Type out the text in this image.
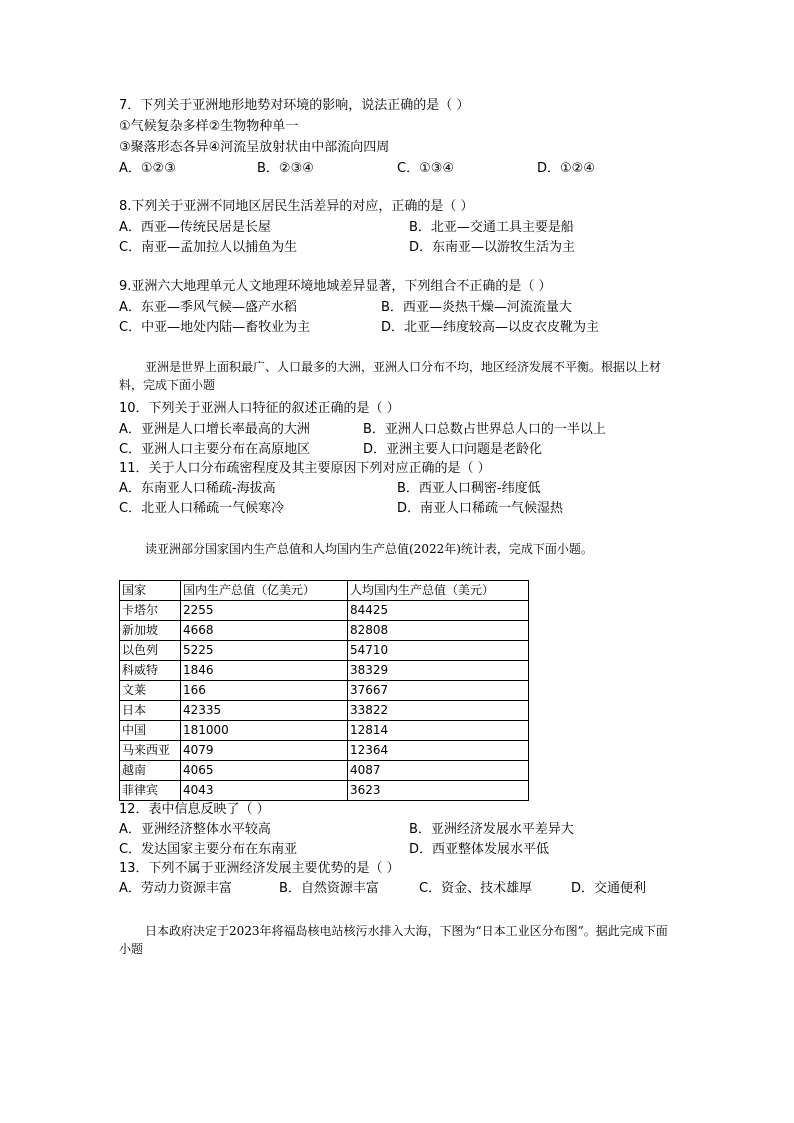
7．下列关于亚洲地形地势对环境的影响，说法正确的是（ ）
①气候复杂多样②生物物种单一
③聚落形态各异④河流呈放射状由中部流向四周
A．①②③	B．②③④	C．①③④	D．①②④
8.下列关于亚洲不同地区居民生活差异的对应，正确的是（ ）
A．西亚—传统民居是长屋	B．北亚—交通工具主要是船
C．南亚—孟加拉人以捕鱼为生	D．东南亚—以游牧生活为主
9.亚洲六大地理单元人文地理环境地域差异显著，下列组合不正确的是（ ）
A．东亚—季风气候—盛产水稻	B．西亚—炎热干燥—河流流量大
C．中亚—地处内陆—畜牧业为主	D．北亚—纬度较高—以皮衣皮靴为主
亚洲是世界上面积最广、人口最多的大洲，亚洲人口分布不均，地区经济发展不平衡。根据以上材料，完成下面小题
10．下列关于亚洲人口特征的叙述正确的是（ ）
A．亚洲是人口增长率最高的大洲	B．亚洲人口总数占世界总人口的一半以上
C．亚洲人口主要分布在高原地区	D．亚洲主要人口问题是老龄化
11．关于人口分布疏密程度及其主要原因下列对应正确的是（ ）
A．东南亚人口稀疏-海拔高	B．西亚人口稠密-纬度低
C．北亚人口稀疏一气候寒冷	D．南亚人口稀疏一气候湿热
读亚洲部分国家国内生产总值和人均国内生产总值(2022年)统计表，完成下面小题。
国家	国内生产总值（亿美元）	人均国内生产总值（美元）
卡塔尔	2255	84425
新加坡	4668	82808
以色列	5225	54710
科威特	1846	38329
文莱	166	37667
日本	42335	33822
中国	181000	12814
马来西亚	4079	12364
越南	4065	4087
菲律宾	4043	3623
12．表中信息反映了（ ）
A．亚洲经济整体水平较高	B．亚洲经济发展水平差异大
C．发达国家主要分布在东南亚	D．西亚整体发展水平低
13．下列不属于亚洲经济发展主要优势的是（ ）
A．劳动力资源丰富	B．自然资源丰富	C．资金、技术雄厚	D．交通便利
日本政府决定于2023年将福岛核电站核污水排入大海，下图为“日本工业区分布图”。据此完成下面小题
